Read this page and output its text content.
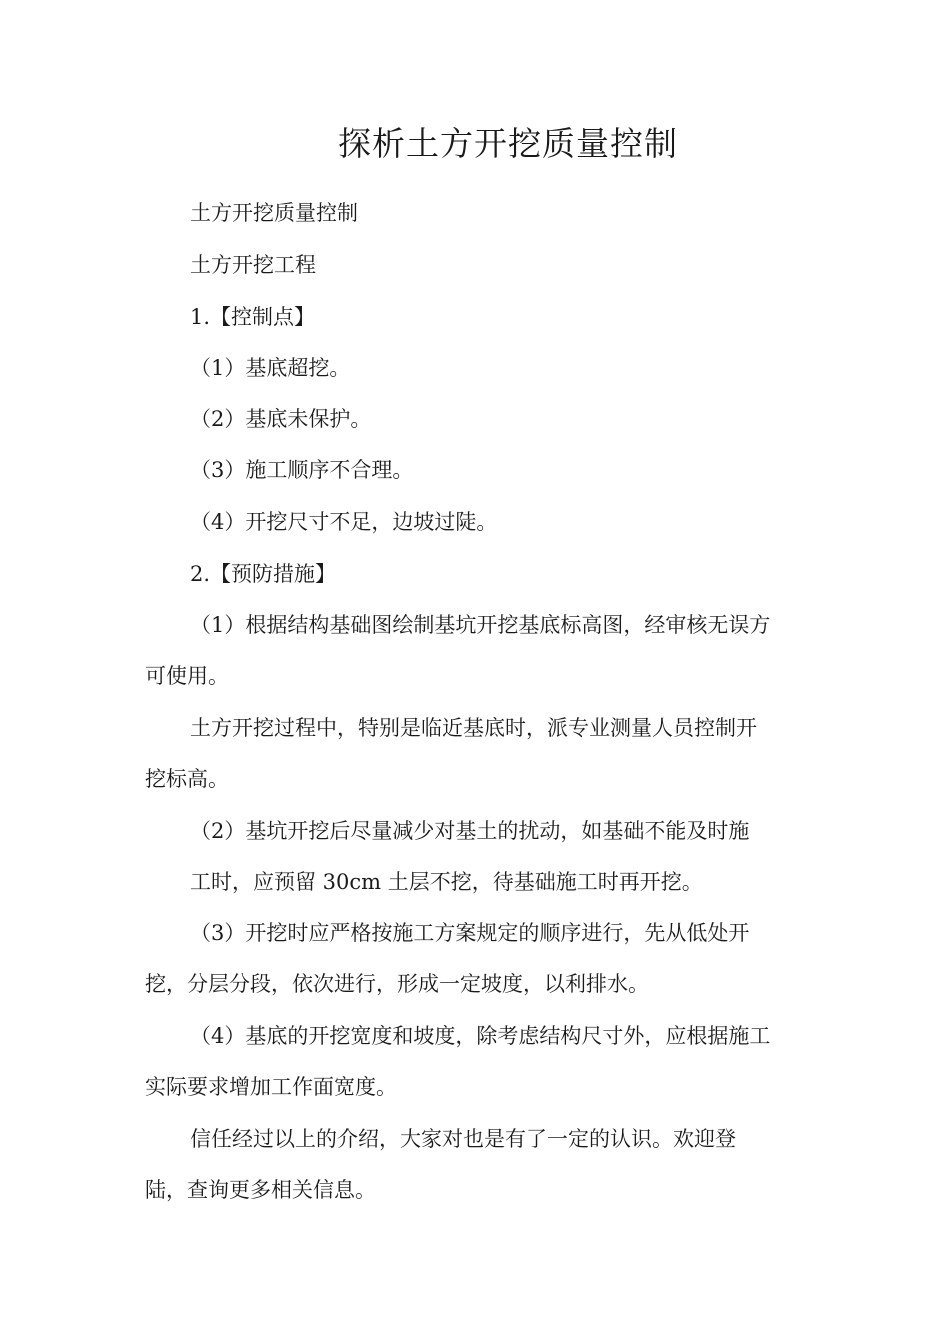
探析土方开挖质量控制
土方开挖质量控制
土方开挖工程
1.【控制点】
（1）基底超挖。
（2）基底未保护。
（3）施工顺序不合理。
（4）开挖尺寸不足，边坡过陡。
2.【预防措施】
（1）根据结构基础图绘制基坑开挖基底标高图，经审核无误方
可使用。
土方开挖过程中，特别是临近基底时，派专业测量人员控制开
挖标高。
（2）基坑开挖后尽量减少对基土的扰动，如基础不能及时施
工时，应预留 30cm 土层不挖，待基础施工时再开挖。
（3）开挖时应严格按施工方案规定的顺序进行，先从低处开
挖，分层分段，依次进行，形成一定坡度，以利排水。
（4）基底的开挖宽度和坡度，除考虑结构尺寸外，应根据施工
实际要求增加工作面宽度。
信任经过以上的介绍，大家对也是有了一定的认识。欢迎登
陆，查询更多相关信息。
